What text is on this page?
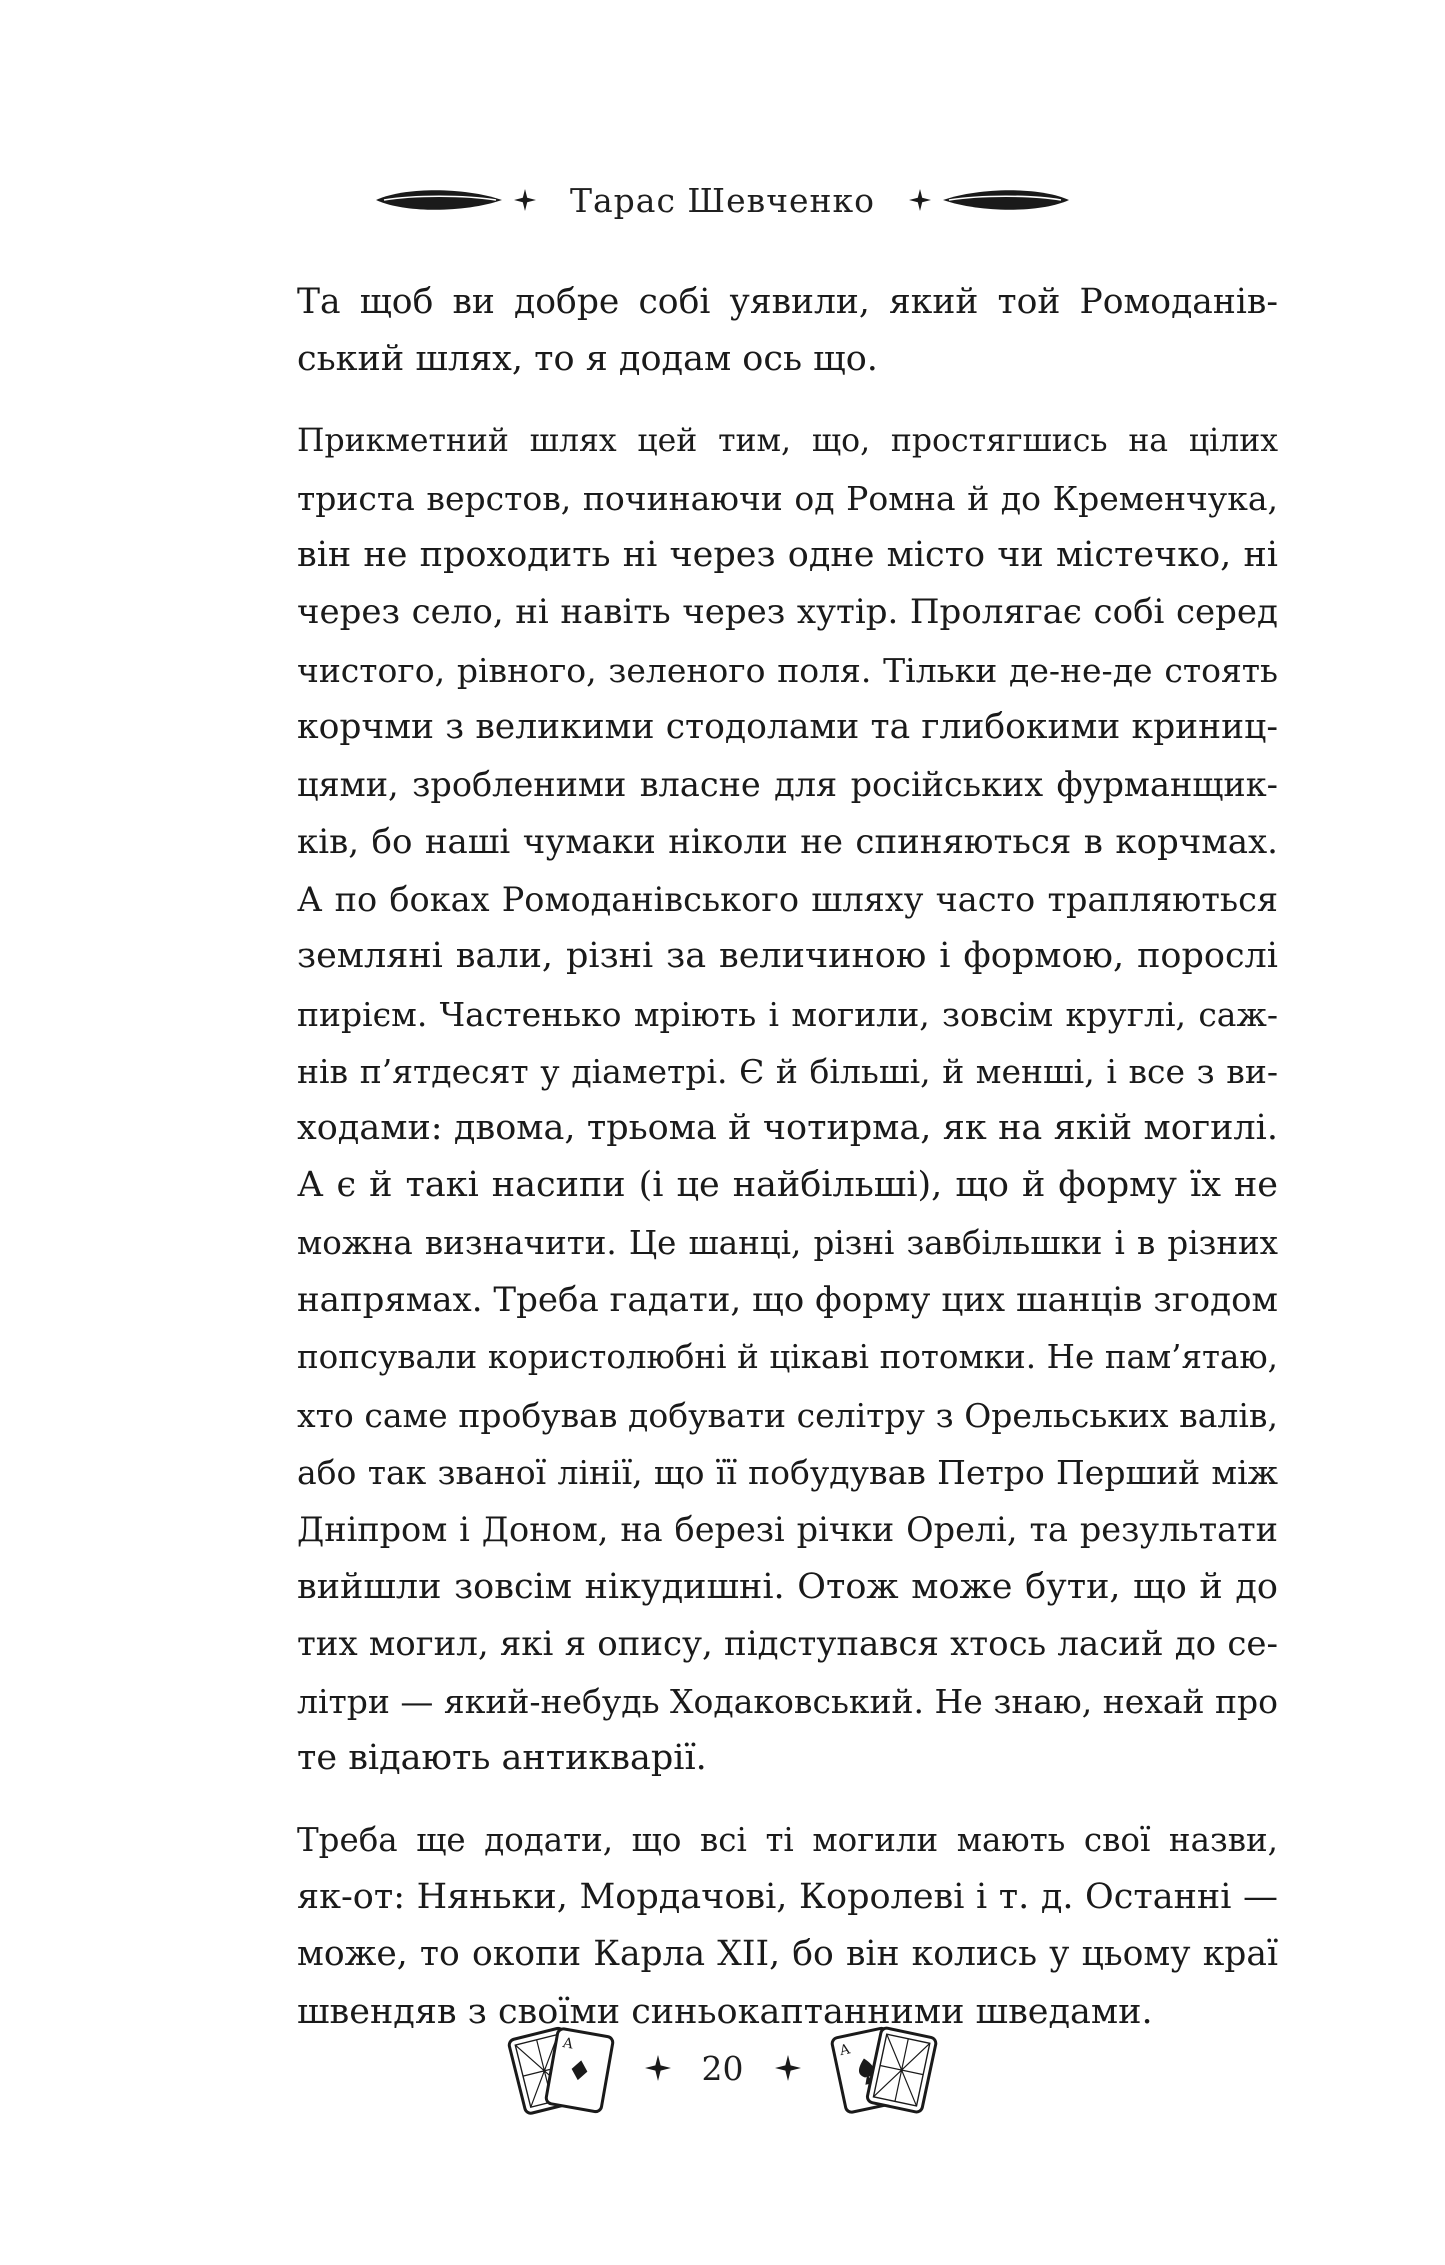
Тарас Шевченко

Та щоб ви добре собі уявили, який той Ромоданів-
ський шлях, то я додам ось що.

Прикметний шлях цей тим, що, простягшись на цілих
триста верстов, починаючи од Ромна й до Кременчука,
він не проходить ні через одне місто чи містечко, ні
через село, ні навіть через хутір. Пролягає собі серед
чистого, рівного, зеленого поля. Тільки де-не-де стоять
корчми з великими стодолами та глибокими криниц-
цями, зробленими власне для російських фурманщик-
ків, бо наші чумаки ніколи не спиняються в корчмах.
А по боках Ромоданівського шляху часто трапляються
земляні вали, різні за величиною і формою, порослі
пирієм. Частенько мріють і могили, зовсім круглі, саж-
нів п’ятдесят у діаметрі. Є й більші, й менші, і все з ви-
ходами: двома, трьома й чотирма, як на якій могилі.
А є й такі насипи (і це найбільші), що й форму їх не
можна визначити. Це шанці, різні завбільшки і в різних
напрямах. Треба гадати, що форму цих шанців згодом
попсували користолюбні й цікаві потомки. Не пам’ятаю,
хто саме пробував добувати селітру з Орельських валів,
або так званої лінії, що її побудував Петро Перший між
Дніпром і Доном, на березі річки Орелі, та результати
вийшли зовсім нікудишні. Отож може бути, що й до
тих могил, які я опису, підступався хтось ласий до се-
літри — який-небудь Ходаковський. Не знаю, нехай про
те відають антикварії.

Треба ще додати, що всі ті могили мають свої назви,
як-от: Няньки, Мордачові, Королеві і т. д. Останні —
може, то окопи Карла XII, бо він колись у цьому краї
швендяв з своїми синьокаптанними шведами.

A
20	A
